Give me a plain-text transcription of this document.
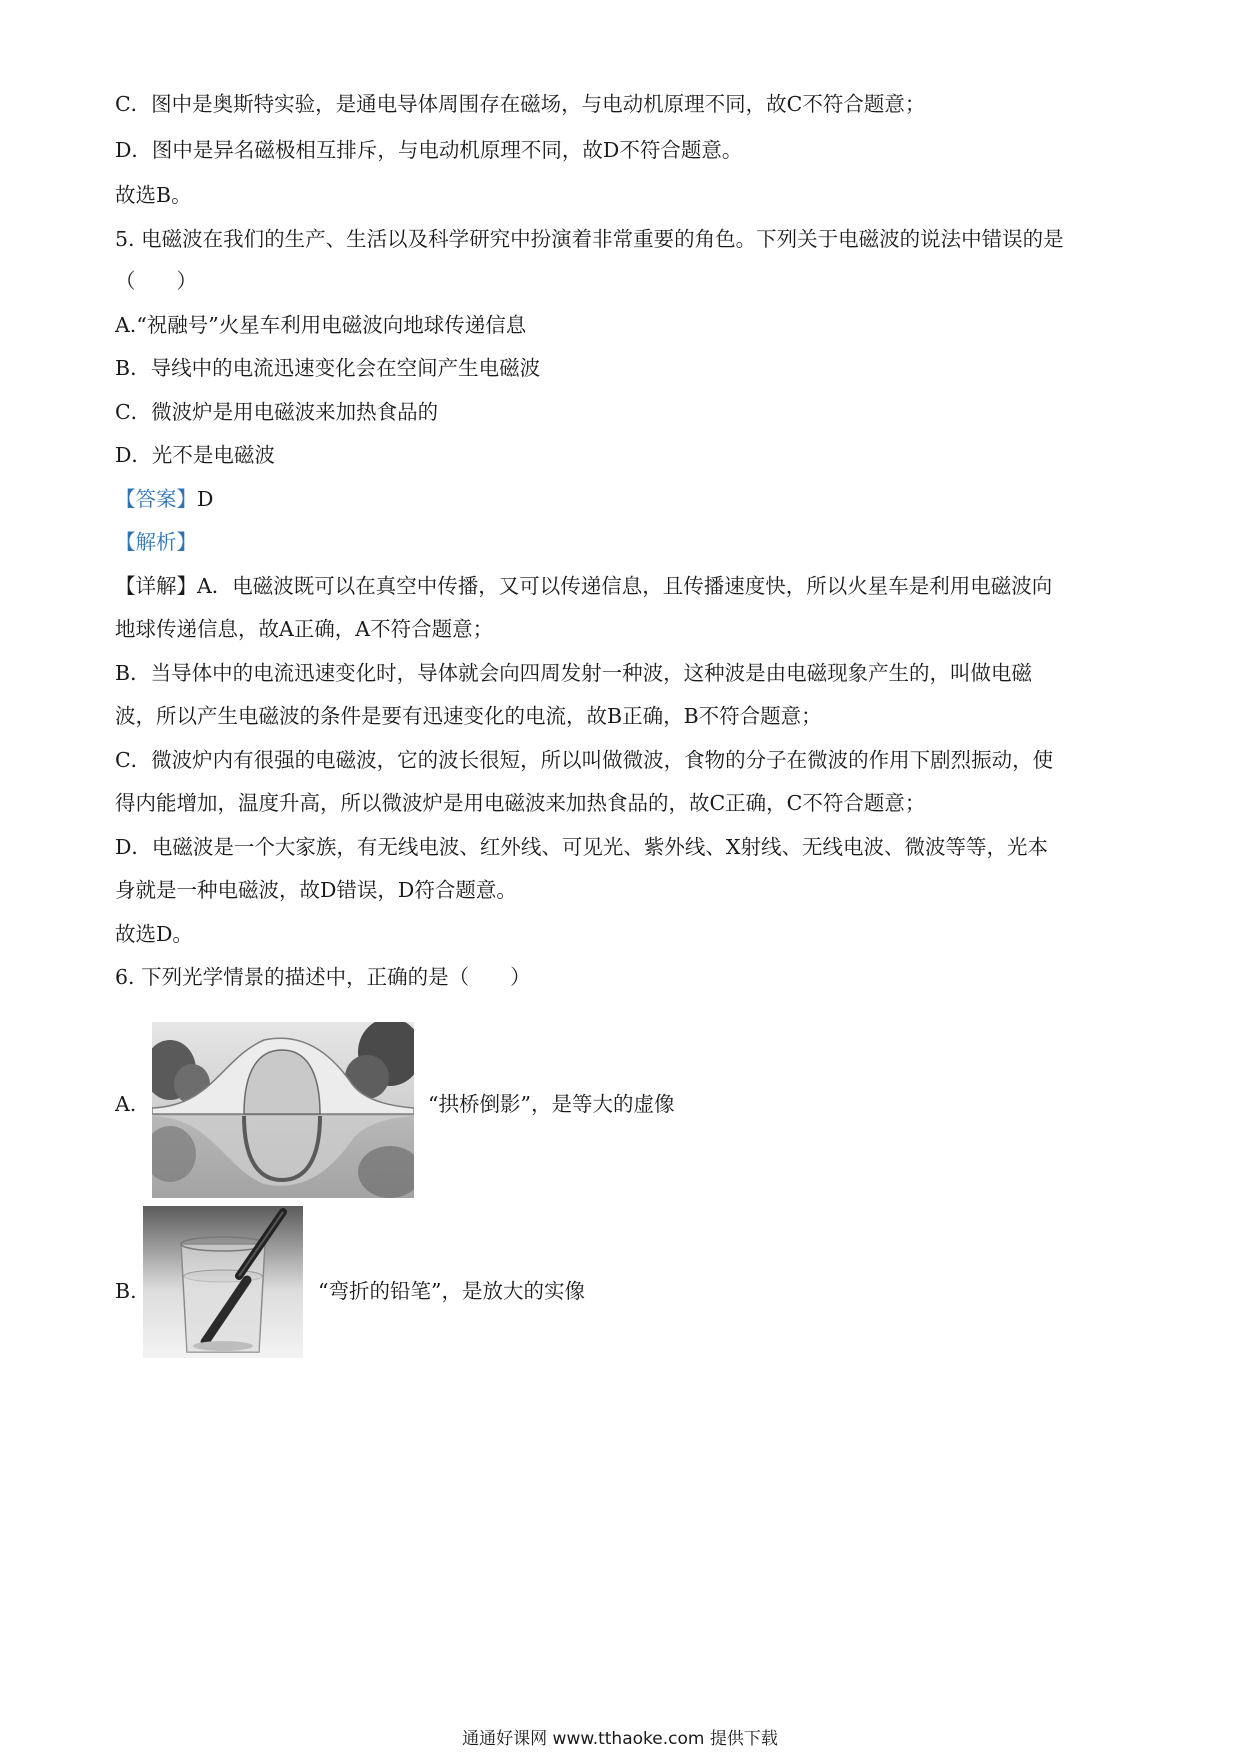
C．图中是奥斯特实验，是通电导体周围存在磁场，与电动机原理不同，故C不符合题意；
D．图中是异名磁极相互排斥，与电动机原理不同，故D不符合题意。
故选B。
5. 电磁波在我们的生产、生活以及科学研究中扮演着非常重要的角色。下列关于电磁波的说法中错误的是
（　　）
A.“祝融号”火星车利用电磁波向地球传递信息
B．导线中的电流迅速变化会在空间产生电磁波
C．微波炉是用电磁波来加热食品的
D．光不是电磁波
【答案】D
【解析】
【详解】A．电磁波既可以在真空中传播，又可以传递信息，且传播速度快，所以火星车是利用电磁波向
地球传递信息，故A正确，A不符合题意；
B．当导体中的电流迅速变化时，导体就会向四周发射一种波，这种波是由电磁现象产生的，叫做电磁
波，所以产生电磁波的条件是要有迅速变化的电流，故B正确，B不符合题意；
C．微波炉内有很强的电磁波，它的波长很短，所以叫做微波，食物的分子在微波的作用下剧烈振动，使
得内能增加，温度升高，所以微波炉是用电磁波来加热食品的，故C正确，C不符合题意；
D．电磁波是一个大家族，有无线电波、红外线、可见光、紫外线、X射线、无线电波、微波等等，光本
身就是一种电磁波，故D错误，D符合题意。
故选D。
6. 下列光学情景的描述中，正确的是（　　）
A.	“拱桥倒影”，是等大的虚像
B.	“弯折的铅笔”，是放大的实像
通通好课网 www.tthaoke.com 提供下载
